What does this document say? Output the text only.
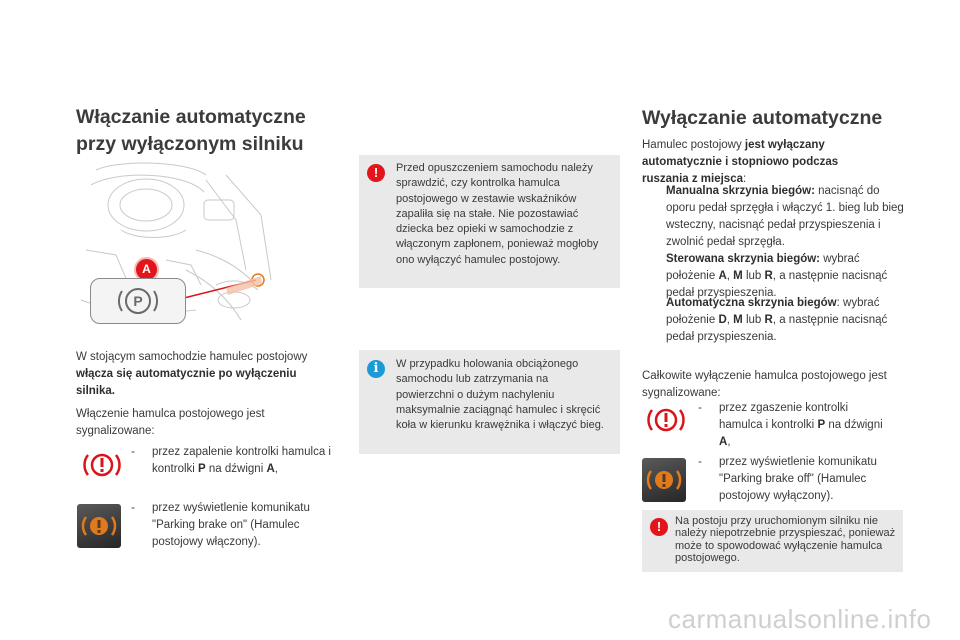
Włączanie automatyczne
przy wyłączonym silniku
A
P
W stojącym samochodzie hamulec postojowy włącza się automatycznie po wyłączeniu silnika.
Włączenie hamulca postojowego jest sygnalizowane:
- przez zapalenie kontrolki hamulca i kontrolki P na dźwigni A,
- przez wyświetlenie komunikatu "Parking brake on" (Hamulec postojowy włączony).
!	Przed opuszczeniem samochodu należy sprawdzić, czy kontrolka hamulca postojowego w zestawie wskaźników zapaliła się na stałe. Nie pozostawiać dziecka bez opieki w samochodzie z włączonym zapłonem, ponieważ mogłoby ono wyłączyć hamulec postojowy.
i	W przypadku holowania obciążonego samochodu lub zatrzymania na powierzchni o dużym nachyleniu maksymalnie zaciągnąć hamulec i skręcić koła w kierunku krawężnika i włączyć bieg.
Wyłączanie automatyczne
Hamulec postojowy jest wyłączany automatycznie i stopniowo podczas ruszania z miejsca:
Manualna skrzynia biegów: nacisnąć do oporu pedał sprzęgła i włączyć 1. bieg lub bieg wsteczny, nacisnąć pedał przyspieszenia i zwolnić pedał sprzęgła.
Sterowana skrzynia biegów: wybrać położenie A, M lub R, a następnie nacisnąć pedał przyspieszenia.
Automatyczna skrzynia biegów: wybrać położenie D, M lub R, a następnie nacisnąć pedał przyspieszenia.
Całkowite wyłączenie hamulca postojowego jest sygnalizowane:
- przez zgaszenie kontrolki hamulca i kontrolki P na dźwigni A,
- przez wyświetlenie komunikatu "Parking brake off" (Hamulec postojowy wyłączony).
!	Na postoju przy uruchomionym silniku nie należy niepotrzebnie przyspieszać, ponieważ może to spowodować wyłączenie hamulca postojowego.
carmanualsonline.info
